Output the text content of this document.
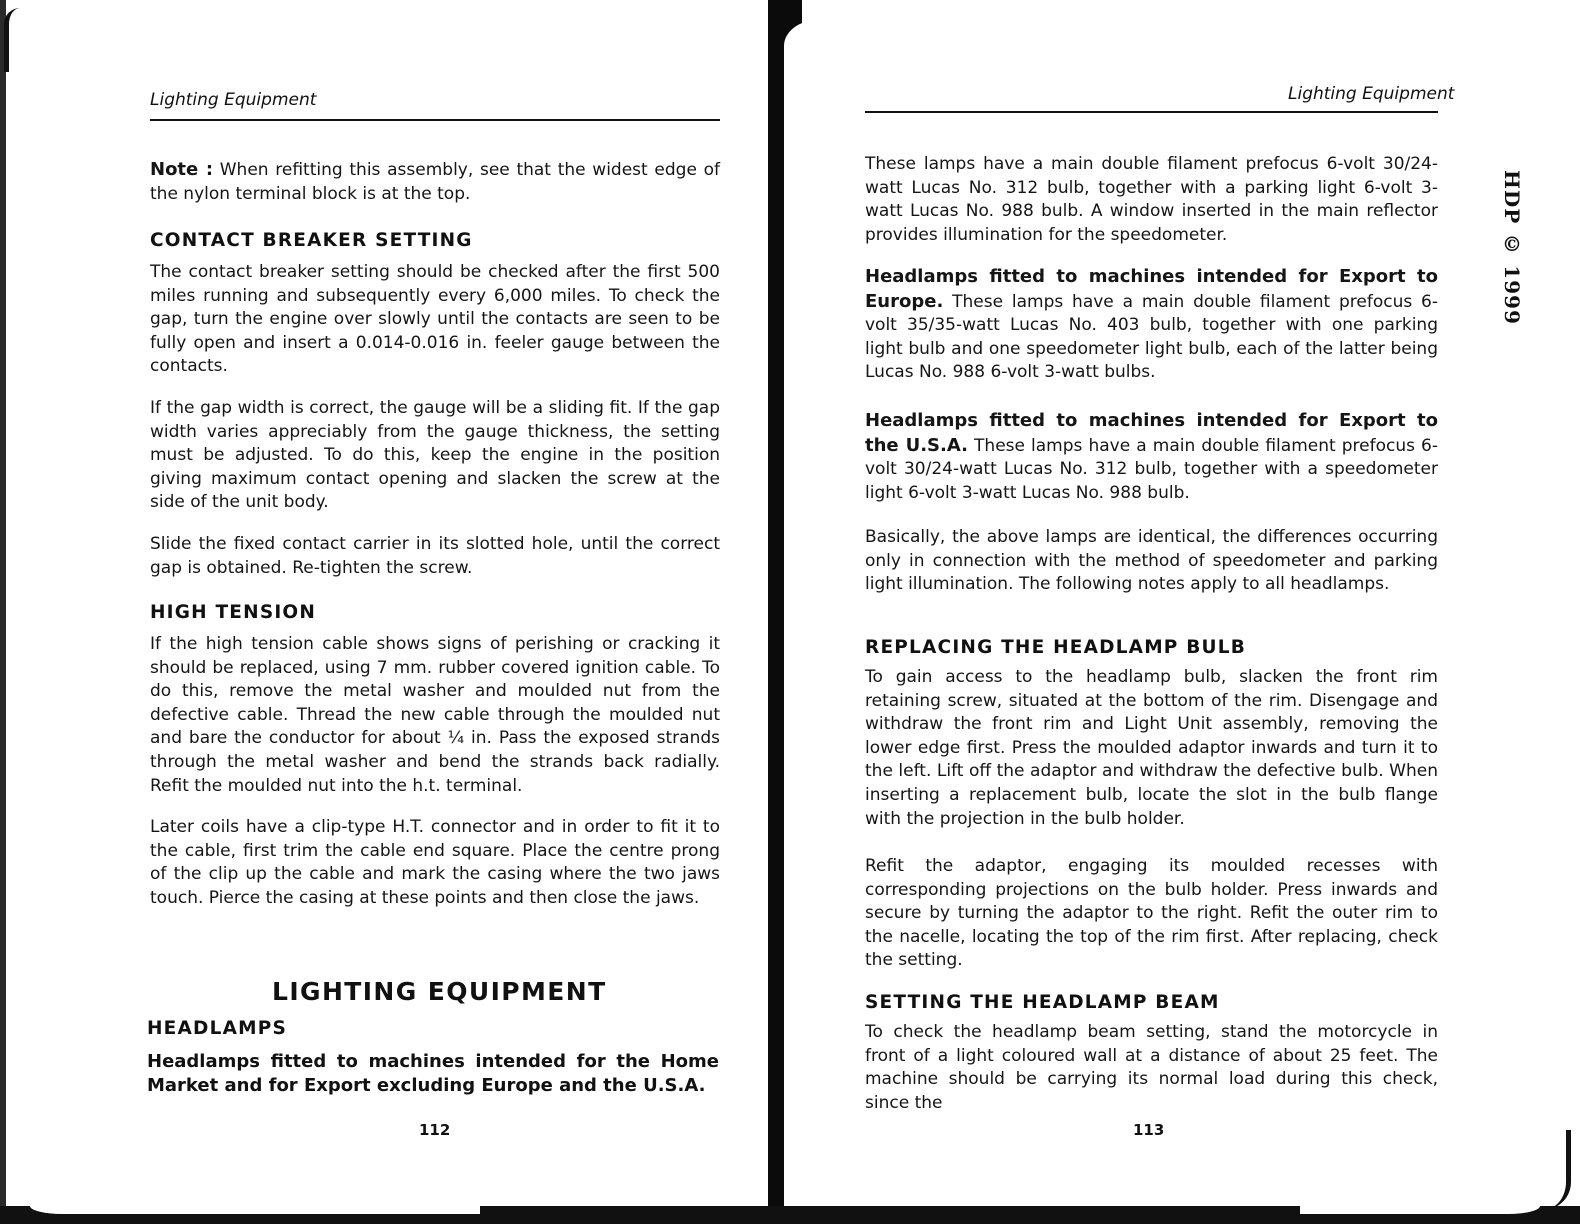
Lighting Equipment
Note : When refitting this assembly, see that the widest edge of the nylon terminal block is at the top.
CONTACT BREAKER SETTING
The contact breaker setting should be checked after the first 500 miles running and subsequently every 6,000 miles. To check the gap, turn the engine over slowly until the contacts are seen to be fully open and insert a 0.014-0.016 in. feeler gauge between the contacts.
If the gap width is correct, the gauge will be a sliding fit. If the gap width varies appreciably from the gauge thickness, the setting must be adjusted. To do this, keep the engine in the position giving maximum contact opening and slacken the screw at the side of the unit body.
Slide the fixed contact carrier in its slotted hole, until the correct gap is obtained. Re-tighten the screw.
HIGH TENSION
If the high tension cable shows signs of perishing or cracking it should be replaced, using 7 mm. rubber covered ignition cable. To do this, remove the metal washer and moulded nut from the defective cable. Thread the new cable through the moulded nut and bare the conductor for about ¼ in. Pass the exposed strands through the metal washer and bend the strands back radially. Refit the moulded nut into the h.t. terminal.
Later coils have a clip-type H.T. connector and in order to fit it to the cable, first trim the cable end square. Place the centre prong of the clip up the cable and mark the casing where the two jaws touch. Pierce the casing at these points and then close the jaws.
LIGHTING EQUIPMENT
HEADLAMPS
Headlamps fitted to machines intended for the Home Market and for Export excluding Europe and the U.S.A.
112
Lighting Equipment
These lamps have a main double filament prefocus 6-volt 30/24-watt Lucas No. 312 bulb, together with a parking light 6-volt 3-watt Lucas No. 988 bulb. A window inserted in the main reflector provides illumination for the speedometer.
Headlamps fitted to machines intended for Export to Europe. These lamps have a main double filament prefocus 6-volt 35/35-watt Lucas No. 403 bulb, together with one parking light bulb and one speedometer light bulb, each of the latter being Lucas No. 988 6-volt 3-watt bulbs.
Headlamps fitted to machines intended for Export to the U.S.A. These lamps have a main double filament prefocus 6-volt 30/24-watt Lucas No. 312 bulb, together with a speedometer light 6-volt 3-watt Lucas No. 988 bulb.
Basically, the above lamps are identical, the differences occurring only in connection with the method of speedometer and parking light illumination. The following notes apply to all headlamps.
REPLACING THE HEADLAMP BULB
To gain access to the headlamp bulb, slacken the front rim retaining screw, situated at the bottom of the rim. Disengage and withdraw the front rim and Light Unit assembly, removing the lower edge first. Press the moulded adaptor inwards and turn it to the left. Lift off the adaptor and withdraw the defective bulb. When inserting a replacement bulb, locate the slot in the bulb flange with the projection in the bulb holder.
Refit the adaptor, engaging its moulded recesses with corresponding projections on the bulb holder. Press inwards and secure by turning the adaptor to the right. Refit the outer rim to the nacelle, locating the top of the rim first. After replacing, check the setting.
SETTING THE HEADLAMP BEAM
To check the headlamp beam setting, stand the motorcycle in front of a light coloured wall at a distance of about 25 feet. The machine should be carrying its normal load during this check, since the
113
HDP © 1999
